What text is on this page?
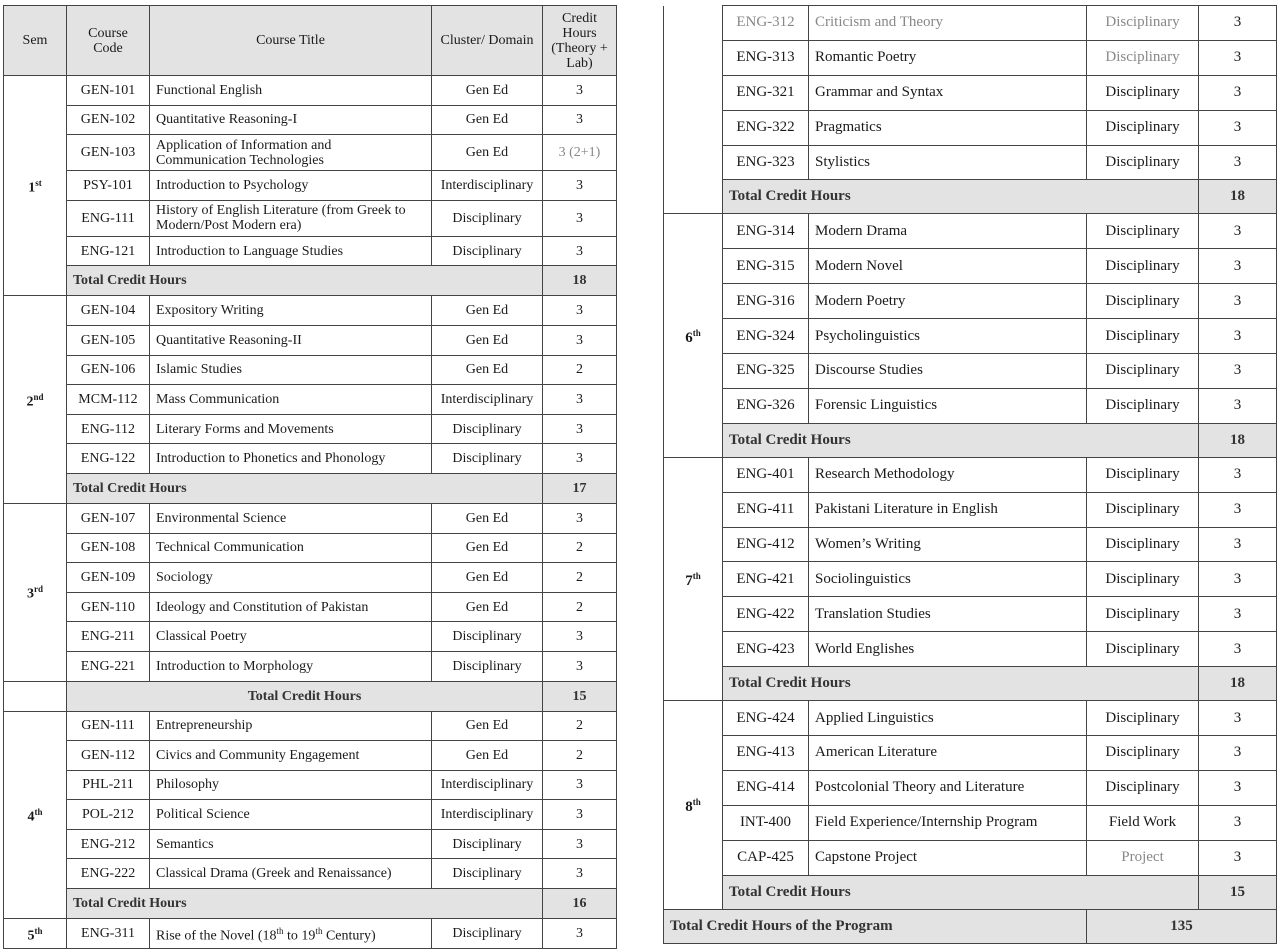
Sem	Course Code	Course Title	Cluster/ Domain	Credit Hours (Theory + Lab)
1st	GEN-101	Functional English	Gen Ed	3
	GEN-102	Quantitative Reasoning-I	Gen Ed	3
	GEN-103	Application of Information and Communication Technologies	Gen Ed	3 (2+1)
	PSY-101	Introduction to Psychology	Interdisciplinary	3
	ENG-111	History of English Literature (from Greek to Modern/Post Modern era)	Disciplinary	3
	ENG-121	Introduction to Language Studies	Disciplinary	3
	Total Credit Hours			18
2nd	GEN-104	Expository Writing	Gen Ed	3
	GEN-105	Quantitative Reasoning-II	Gen Ed	3
	GEN-106	Islamic Studies	Gen Ed	2
	MCM-112	Mass Communication	Interdisciplinary	3
	ENG-112	Literary Forms and Movements	Disciplinary	3
	ENG-122	Introduction to Phonetics and Phonology	Disciplinary	3
	Total Credit Hours			17
3rd	GEN-107	Environmental Science	Gen Ed	3
	GEN-108	Technical Communication	Gen Ed	2
	GEN-109	Sociology	Gen Ed	2
	GEN-110	Ideology and Constitution of Pakistan	Gen Ed	2
	ENG-211	Classical Poetry	Disciplinary	3
	ENG-221	Introduction to Morphology	Disciplinary	3
	Total Credit Hours			15
4th	GEN-111	Entrepreneurship	Gen Ed	2
	GEN-112	Civics and Community Engagement	Gen Ed	2
	PHL-211	Philosophy	Interdisciplinary	3
	POL-212	Political Science	Interdisciplinary	3
	ENG-212	Semantics	Disciplinary	3
	ENG-222	Classical Drama (Greek and Renaissance)	Disciplinary	3
	Total Credit Hours			16
5th	ENG-311	Rise of the Novel (18th to 19th Century)	Disciplinary	3
	ENG-312	Criticism and Theory	Disciplinary	3
	ENG-313	Romantic Poetry	Disciplinary	3
	ENG-321	Grammar and Syntax	Disciplinary	3
	ENG-322	Pragmatics	Disciplinary	3
	ENG-323	Stylistics	Disciplinary	3
	Total Credit Hours			18
6th	ENG-314	Modern Drama	Disciplinary	3
	ENG-315	Modern Novel	Disciplinary	3
	ENG-316	Modern Poetry	Disciplinary	3
	ENG-324	Psycholinguistics	Disciplinary	3
	ENG-325	Discourse Studies	Disciplinary	3
	ENG-326	Forensic Linguistics	Disciplinary	3
	Total Credit Hours			18
7th	ENG-401	Research Methodology	Disciplinary	3
	ENG-411	Pakistani Literature in English	Disciplinary	3
	ENG-412	Women’s Writing	Disciplinary	3
	ENG-421	Sociolinguistics	Disciplinary	3
	ENG-422	Translation Studies	Disciplinary	3
	ENG-423	World Englishes	Disciplinary	3
	Total Credit Hours			18
8th	ENG-424	Applied Linguistics	Disciplinary	3
	ENG-413	American Literature	Disciplinary	3
	ENG-414	Postcolonial Theory and Literature	Disciplinary	3
	INT-400	Field Experience/Internship Program	Field Work	3
	CAP-425	Capstone Project	Project	3
	Total Credit Hours			15
Total Credit Hours of the Program			135	
